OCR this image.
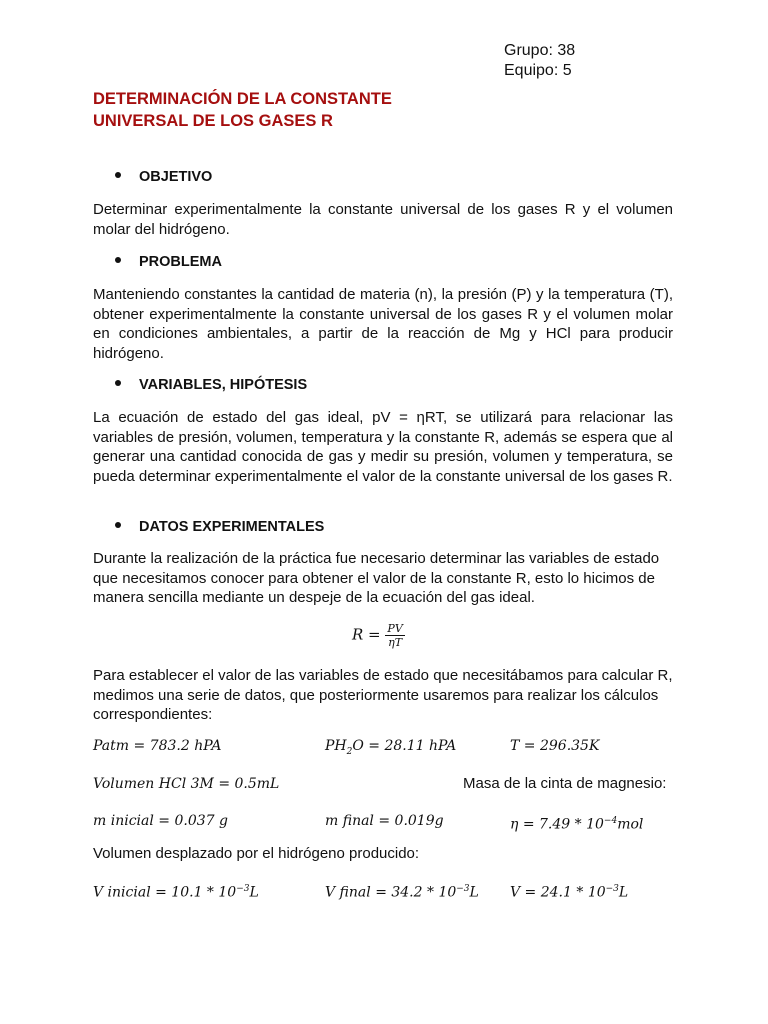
Grupo: 38
Equipo: 5
DETERMINACIÓN DE LA CONSTANTE
UNIVERSAL DE LOS GASES R
OBJETIVO
Determinar experimentalmente la constante universal de los gases R y el volumen molar del hidrógeno.
PROBLEMA
Manteniendo constantes la cantidad de materia (n), la presión (P) y la temperatura (T), obtener experimentalmente la constante universal de los gases R y el volumen molar en condiciones ambientales, a partir de la reacción de Mg y HCl para producir hidrógeno.
VARIABLES, HIPÓTESIS
La ecuación de estado del gas ideal, pV = ηRT, se utilizará para relacionar las variables de presión, volumen, temperatura y la constante R, además se espera que al generar una cantidad conocida de gas y medir su presión, volumen y temperatura, se pueda determinar experimentalmente el valor de la constante universal de los gases R.
DATOS EXPERIMENTALES
Durante la realización de la práctica fue necesario determinar las variables de estado que necesitamos conocer para obtener el valor de la constante R, esto lo hicimos de manera sencilla mediante un despeje de la ecuación del gas ideal.
$R = \frac{PV}{\eta T}$
Para establecer el valor de las variables de estado que necesitábamos para calcular R, medimos una serie de datos, que posteriormente usaremos para realizar los cálculos correspondientes:
Patm = 783.2 hPA	$PH_2O = 28.11$ hPA	T = 296.35K
Volumen HCl 3M = 0.5mL	Masa de la cinta de magnesio:
m inicial = 0.037 g	m final = 0.019g	$\eta = 7.49 * 10^{-4}mol$
Volumen desplazado por el hidrógeno producido:
V inicial = $10.1 * 10^{-3}L$	V final = $34.2 * 10^{-3}L$ $V = 24.1 * 10^{-3}L$
